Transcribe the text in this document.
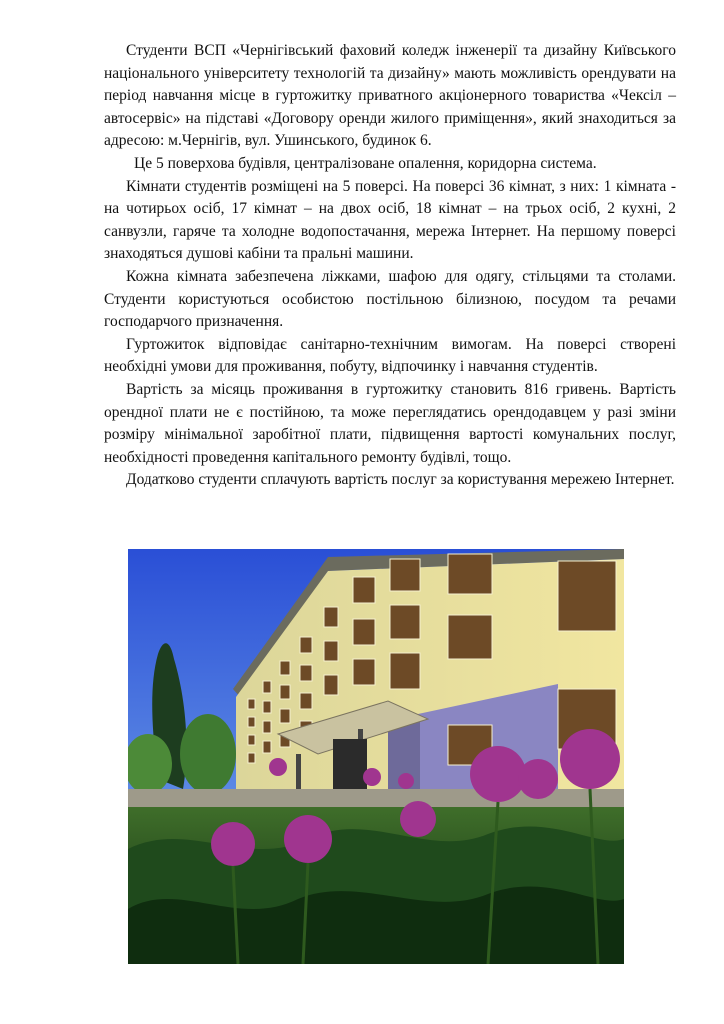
Студенти ВСП «Чернігівський фаховий коледж інженерії та дизайну Київського національного університету технологій та дизайну» мають можливість орендувати на період навчання місце в гуртожитку приватного акціонерного товариства «Чексіл – автосервіс» на підставі «Договору оренди жилого приміщення», який знаходиться за адресою: м.Чернігів, вул. Ушинського, будинок 6.

Це 5 поверхова будівля, централізоване опалення, коридорна система.

Кімнати студентів розміщені на 5 поверсі. На поверсі 36 кімнат, з них: 1 кімната - на чотирьох осіб, 17 кімнат – на двох осіб, 18 кімнат – на трьох осіб, 2 кухні, 2 санвузли, гаряче та холодне водопостачання, мережа Інтернет. На першому поверсі знаходяться душові кабіни та пральні машини.

Кожна кімната забезпечена ліжками, шафою для одягу, стільцями та столами. Студенти користуються особистою постільною білизною, посудом та речами господарчого призначення.

Гуртожиток відповідає санітарно-технічним вимогам. На поверсі створені необхідні умови для проживання, побуту, відпочинку і навчання студентів.

Вартість за місяць проживання в гуртожитку становить 816 гривень. Вартість орендної плати не є постійною, та може переглядатись орендодавцем у разі зміни розміру мінімальної заробітної плати, підвищення вартості комунальних послуг, необхідності проведення капітального ремонту будівлі, тощо.

Додатково студенти сплачують вартість послуг за користування мережею Інтернет.
